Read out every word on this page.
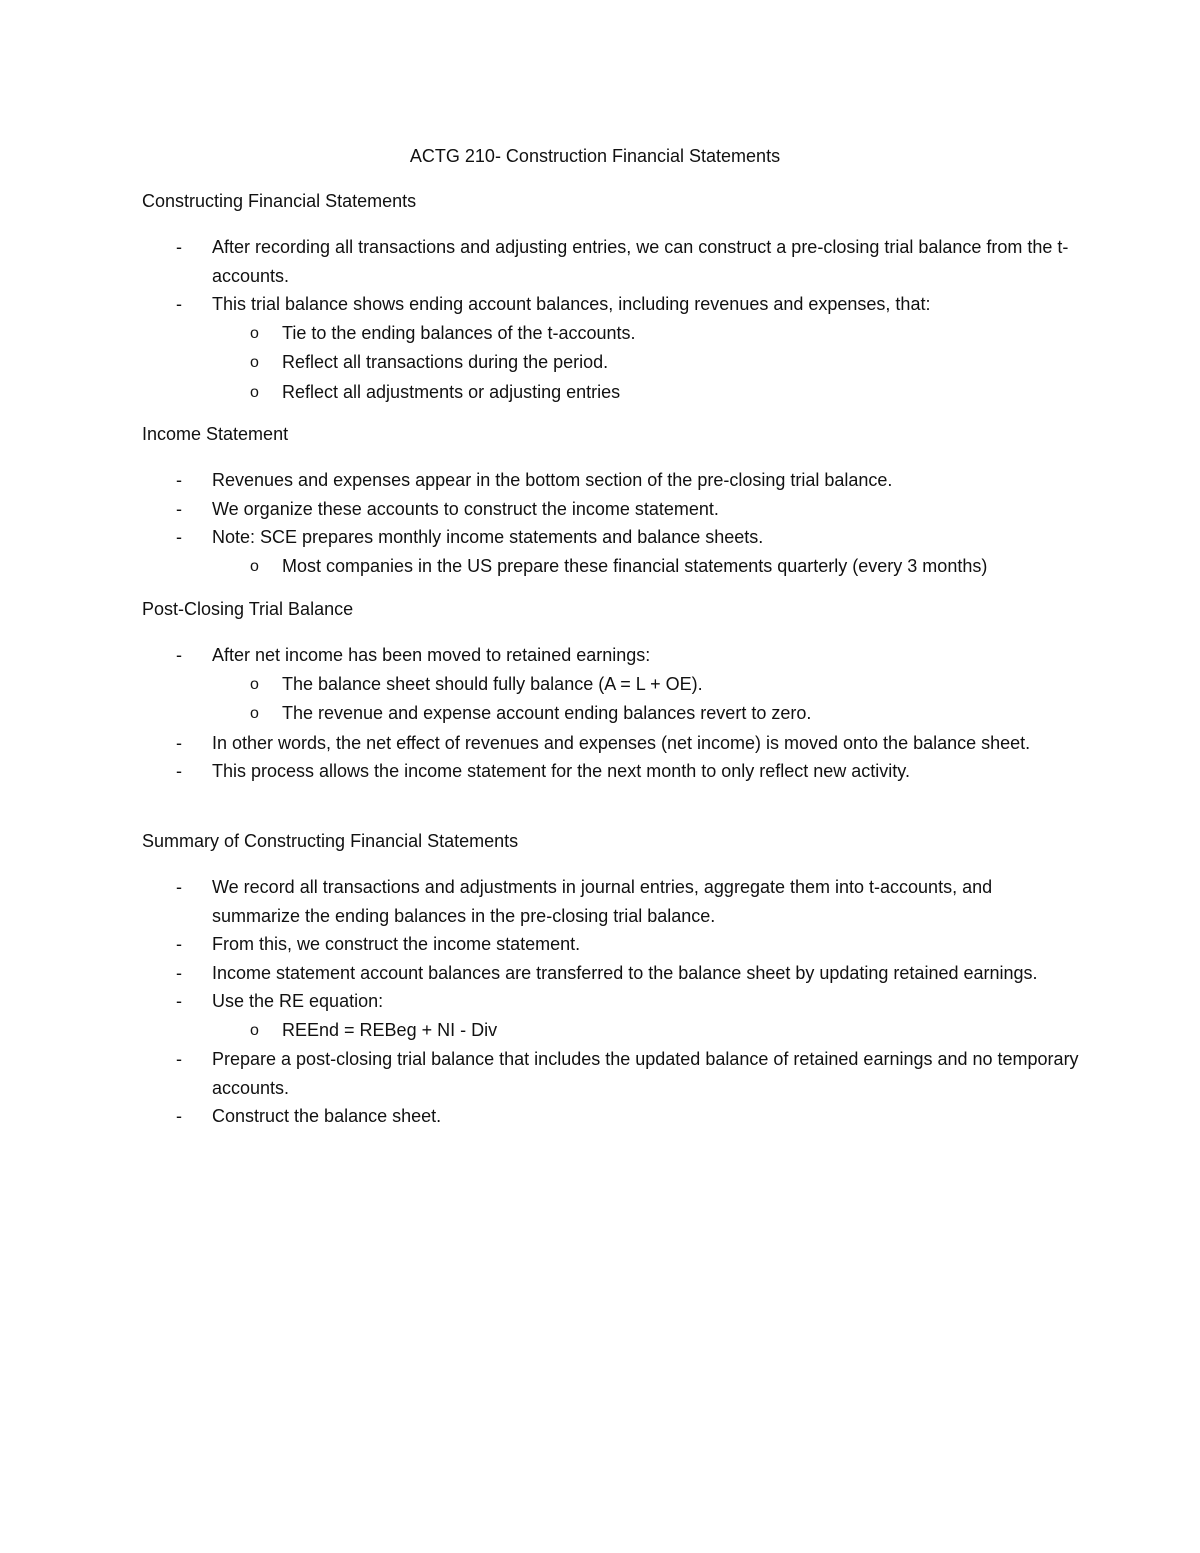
ACTG 210- Construction Financial Statements
Constructing Financial Statements
- After recording all transactions and adjusting entries, we can construct a pre-closing trial balance from the t-accounts.
- This trial balance shows ending account balances, including revenues and expenses, that:
o Tie to the ending balances of the t-accounts.
o Reflect all transactions during the period.
o Reflect all adjustments or adjusting entries
Income Statement
- Revenues and expenses appear in the bottom section of the pre-closing trial balance.
- We organize these accounts to construct the income statement.
- Note: SCE prepares monthly income statements and balance sheets.
o Most companies in the US prepare these financial statements quarterly (every 3 months)
Post-Closing Trial Balance
- After net income has been moved to retained earnings:
o The balance sheet should fully balance (A = L + OE).
o The revenue and expense account ending balances revert to zero.
- In other words, the net effect of revenues and expenses (net income) is moved onto the balance sheet.
- This process allows the income statement for the next month to only reflect new activity.
Summary of Constructing Financial Statements
- We record all transactions and adjustments in journal entries, aggregate them into t-accounts, and summarize the ending balances in the pre-closing trial balance.
- From this, we construct the income statement.
- Income statement account balances are transferred to the balance sheet by updating retained earnings.
- Use the RE equation:
o REEnd = REBeg + NI - Div
- Prepare a post-closing trial balance that includes the updated balance of retained earnings and no temporary accounts.
- Construct the balance sheet.
